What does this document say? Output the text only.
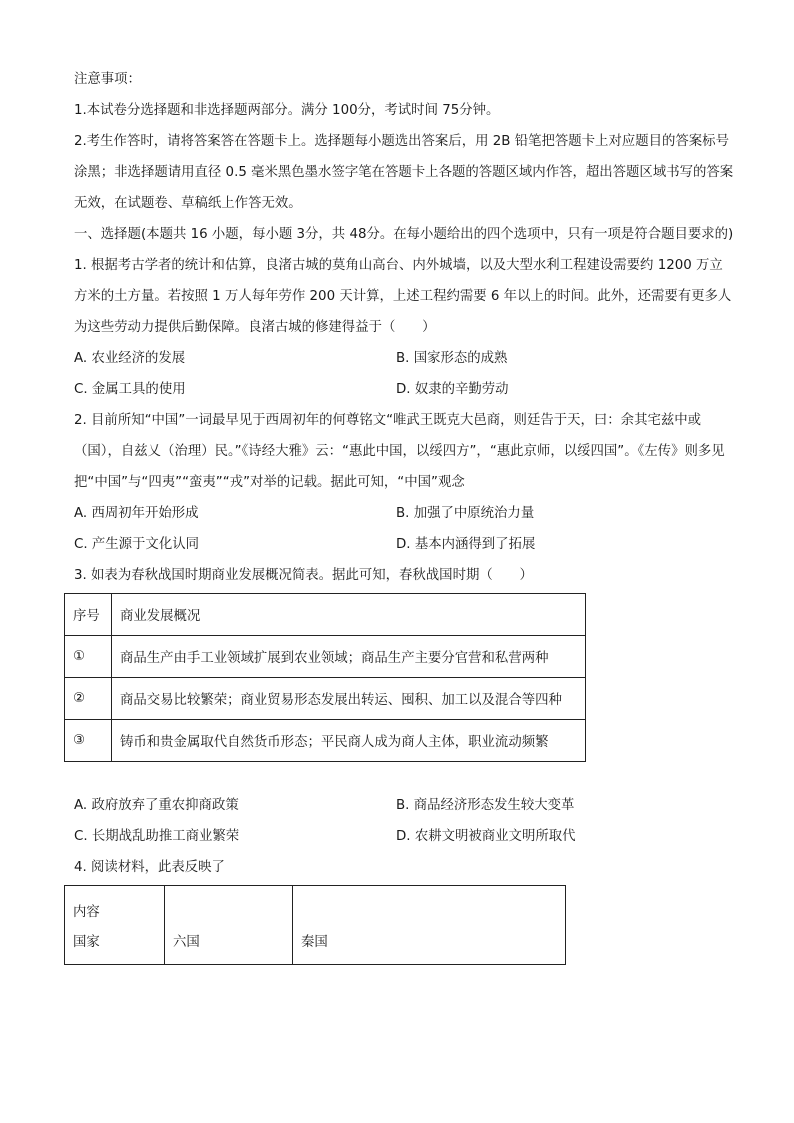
注意事项：
1.本试卷分选择题和非选择题两部分。满分 100分，考试时间 75分钟。

2.考生作答时，请将答案答在答题卡上。选择题每小题选出答案后，用 2B 铅笔把答题卡上对应题目的答案标号涂黑；非选择题请用直径 0.5 毫米黑色墨水签字笔在答题卡上各题的答题区域内作答，超出答题区域书写的答案无效，在试题卷、草稿纸上作答无效。

一、选择题(本题共 16 小题，每小题 3分，共 48分。在每小题给出的四个选项中，只有一项是符合题目要求的)

1. 根据考古学者的统计和估算，良渚古城的莫角山高台、内外城墙，以及大型水利工程建设需要约 1200 万立方米的土方量。若按照 1 万人每年劳作 200 天计算，上述工程约需要 6 年以上的时间。此外，还需要有更多人为这些劳动力提供后勤保障。良渚古城的修建得益于（　　）

A. 农业经济的发展	B. 国家形态的成熟
C. 金属工具的使用	D. 奴隶的辛勤劳动

2. 目前所知“中国”一词最早见于西周初年的何尊铭文“唯武王既克大邑商，则廷告于天，曰：余其宅兹中或（国），自兹乂（治理）民。”《诗经大雅》云：“惠此中国，以绥四方”，“惠此京师，以绥四国”。《左传》则多见把“中国”与“四夷”“蛮夷”“戎”对举的记载。据此可知，“中国”观念

A. 西周初年开始形成	B. 加强了中原统治力量
C. 产生源于文化认同	D. 基本内涵得到了拓展
3. 如表为春秋战国时期商业发展概况简表。据此可知，春秋战国时期（　　）
序号	商业发展概况
①	商品生产由手工业领域扩展到农业领域；商品生产主要分官营和私营两种
②	商品交易比较繁荣；商业贸易形态发展出转运、囤积、加工以及混合等四种
③	铸币和贵金属取代自然货币形态；平民商人成为商人主体，职业流动频繁
A. 政府放弃了重农抑商政策	B. 商品经济形态发生较大变革
C. 长期战乱助推工商业繁荣	D. 农耕文明被商业文明所取代
4. 阅读材料，此表反映了
内容
国家	六国	秦国
